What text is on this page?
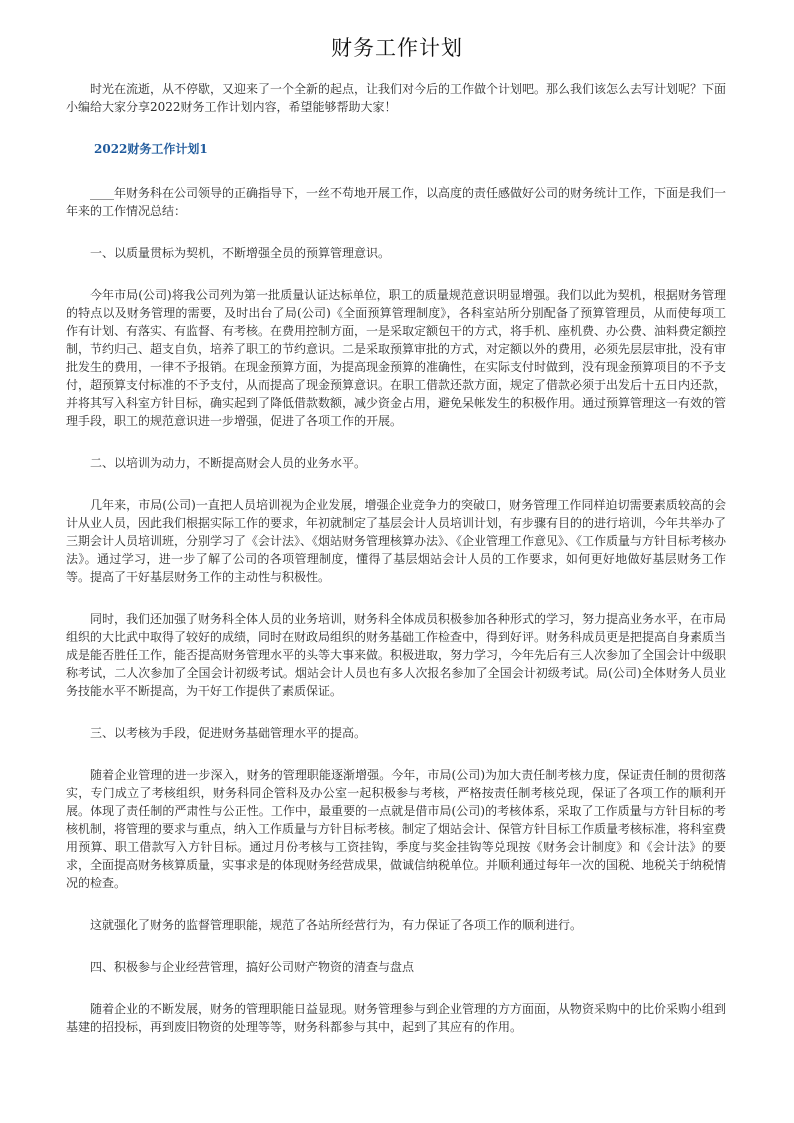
财务工作计划

时光在流逝，从不停歇，又迎来了一个全新的起点，让我们对今后的工作做个计划吧。那么我们该怎么去写计划呢？下面小编给大家分享2022财务工作计划内容，希望能够帮助大家！

2022财务工作计划1

____年财务科在公司领导的正确指导下，一丝不苟地开展工作，以高度的责任感做好公司的财务统计工作，下面是我们一年来的工作情况总结：

一、以质量贯标为契机，不断增强全员的预算管理意识。

今年市局(公司)将我公司列为第一批质量认证达标单位，职工的质量规范意识明显增强。我们以此为契机，根据财务管理的特点以及财务管理的需要，及时出台了局(公司)《全面预算管理制度》，各科室站所分别配备了预算管理员，从而使每项工作有计划、有落实、有监督、有考核。在费用控制方面，一是采取定额包干的方式，将手机、座机费、办公费、油料费定额控制，节约归己、超支自负，培养了职工的节约意识。二是采取预算审批的方式，对定额以外的费用，必须先层层审批，没有审批发生的费用，一律不予报销。在现金预算方面，为提高现金预算的准确性，在实际支付时做到，没有现金预算项目的不予支付，超预算支付标准的不予支付，从而提高了现金预算意识。在职工借款还款方面，规定了借款必须于出发后十五日内还款，并将其写入科室方针目标，确实起到了降低借款数额，减少资金占用，避免呆帐发生的积极作用。通过预算管理这一有效的管理手段，职工的规范意识进一步增强，促进了各项工作的开展。

二、以培训为动力，不断提高财会人员的业务水平。

几年来，市局(公司)一直把人员培训视为企业发展，增强企业竞争力的突破口，财务管理工作同样迫切需要素质较高的会计从业人员，因此我们根据实际工作的要求，年初就制定了基层会计人员培训计划，有步骤有目的的进行培训，今年共举办了三期会计人员培训班，分别学习了《会计法》、《烟站财务管理核算办法》、《企业管理工作意见》、《工作质量与方针目标考核办法》。通过学习，进一步了解了公司的各项管理制度，懂得了基层烟站会计人员的工作要求，如何更好地做好基层财务工作等。提高了干好基层财务工作的主动性与积极性。

同时，我们还加强了财务科全体人员的业务培训，财务科全体成员积极参加各种形式的学习，努力提高业务水平，在市局组织的大比武中取得了较好的成绩，同时在财政局组织的财务基础工作检查中，得到好评。财务科成员更是把提高自身素质当成是能否胜任工作，能否提高财务管理水平的头等大事来做。积极进取，努力学习，今年先后有三人次参加了全国会计中级职称考试，二人次参加了全国会计初级考试。烟站会计人员也有多人次报名参加了全国会计初级考试。局(公司)全体财务人员业务技能水平不断提高，为干好工作提供了素质保证。

三、以考核为手段，促进财务基础管理水平的提高。

随着企业管理的进一步深入，财务的管理职能逐渐增强。今年，市局(公司)为加大责任制考核力度，保证责任制的贯彻落实，专门成立了考核组织，财务科同企管科及办公室一起积极参与考核，严格按责任制考核兑现，保证了各项工作的顺利开展。体现了责任制的严肃性与公正性。工作中，最重要的一点就是借市局(公司)的考核体系，采取了工作质量与方针目标的考核机制，将管理的要求与重点，纳入工作质量与方针目标考核。制定了烟站会计、保管方针目标工作质量考核标准，将科室费用预算、职工借款写入方针目标。通过月份考核与工资挂钩，季度与奖金挂钩等兑现按《财务会计制度》和《会计法》的要求，全面提高财务核算质量，实事求是的体现财务经营成果，做诚信纳税单位。并顺利通过每年一次的国税、地税关于纳税情况的检查。

这就强化了财务的监督管理职能，规范了各站所经营行为，有力保证了各项工作的顺利进行。

四、积极参与企业经营管理，搞好公司财产物资的清查与盘点

随着企业的不断发展，财务的管理职能日益显现。财务管理参与到企业管理的方方面面，从物资采购中的比价采购小组到基建的招投标，再到废旧物资的处理等等，财务科都参与其中，起到了其应有的作用。
